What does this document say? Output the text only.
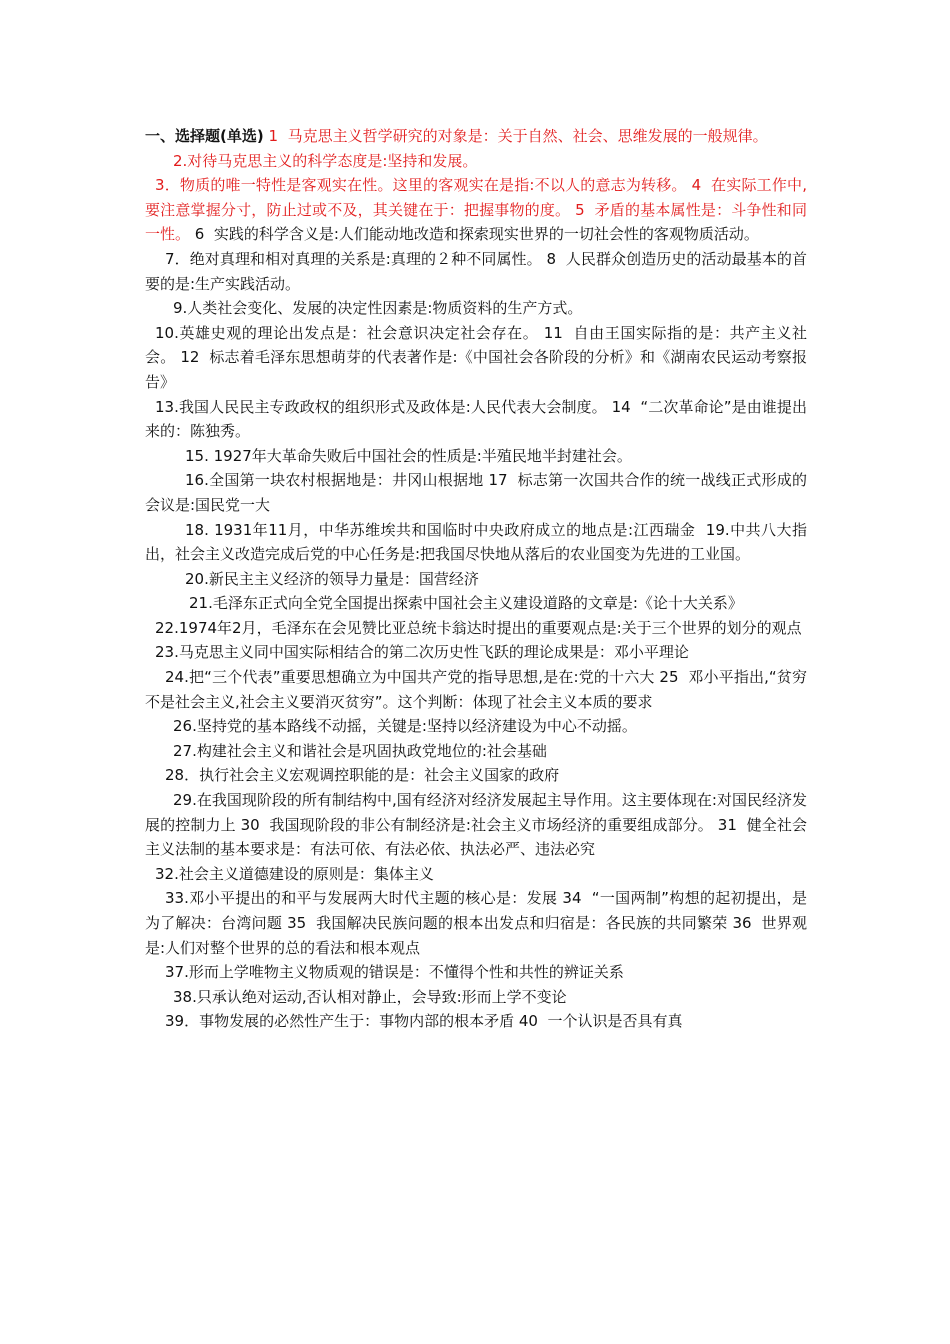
一、选择题(单选) 1 ﻿ 马克思主义哲学研究的对象是：关于自然、社会、思维发展的一般规律。

2.对待马克思主义的科学态度是:坚持和发展。

3．物质的唯一特性是客观实在性。这里的客观实在是指:不以人的意志为转移。 4 ﻿ 在实际工作中,要注意掌握分寸，防止过或不及，其关键在于：把握事物的度。 5 ﻿ 矛盾的基本属性是：斗争性和同一性。 6 ﻿ 实践的科学含义是:人们能动地改造和探索现实世界的一切社会性的客观物质活动。

7．绝对真理和相对真理的关系是:真理的２种不同属性。 8 ﻿ 人民群众创造历史的活动最基本的首要的是:生产实践活动。

9.人类社会变化、发展的决定性因素是:物质资料的生产方式。

10.英雄史观的理论出发点是：社会意识决定社会存在。 11 ﻿ 自由王国实际指的是：共产主义社会。 12 ﻿ 标志着毛泽东思想萌芽的代表著作是:《中国社会各阶段的分析》和《湖南农民运动考察报告》

13.我国人民民主专政政权的组织形式及政体是:人民代表大会制度。 14 ﻿ “二次革命论”是由谁提出来的：陈独秀。

15. 1927年大革命失败后中国社会的性质是:半殖民地半封建社会。

16.全国第一块农村根据地是：井冈山根据地 17 ﻿ 标志第一次国共合作的统一战线正式形成的会议是:国民党一大

18. 1931年11月，中华苏维埃共和国临时中央政府成立的地点是:江西瑞金 ﻿ 19.中共八大指出，社会主义改造完成后党的中心任务是:把我国尽快地从落后的农业国变为先进的工业国。

20.新民主主义经济的领导力量是：国营经济

21.毛泽东正式向全党全国提出探索中国社会主义建设道路的文章是:《论十大关系》

22.1974年2月，毛泽东在会见赞比亚总统卡翁达时提出的重要观点是:关于三个世界的划分的观点

23.马克思主义同中国实际相结合的第二次历史性飞跃的理论成果是：邓小平理论

24.把“三个代表”重要思想确立为中国共产党的指导思想,是在:党的十六大 25 ﻿ 邓小平指出,“贫穷不是社会主义,社会主义要消灭贫穷”。这个判断：体现了社会主义本质的要求

26.坚持党的基本路线不动摇，关键是:坚持以经济建设为中心不动摇。

27.构建社会主义和谐社会是巩固执政党地位的:社会基础

28．执行社会主义宏观调控职能的是：社会主义国家的政府

29.在我国现阶段的所有制结构中,国有经济对经济发展起主导作用。这主要体现在:对国民经济发展的控制力上 30 ﻿ 我国现阶段的非公有制经济是:社会主义市场经济的重要组成部分。 31 ﻿ 健全社会主义法制的基本要求是：有法可依、有法必依、执法必严、违法必究

32.社会主义道德建设的原则是：集体主义

33.邓小平提出的和平与发展两大时代主题的核心是：发展 34 ﻿ “一国两制”构想的起初提出，是为了解决：台湾问题 35 ﻿ 我国解决民族问题的根本出发点和归宿是：各民族的共同繁荣 36 ﻿ 世界观是:人们对整个世界的总的看法和根本观点

37.形而上学唯物主义物质观的错误是：不懂得个性和共性的辨证关系

38.只承认绝对运动,否认相对静止，会导致:形而上学不变论

39．事物发展的必然性产生于：事物内部的根本矛盾 40 ﻿ 一个认识是否具有真
